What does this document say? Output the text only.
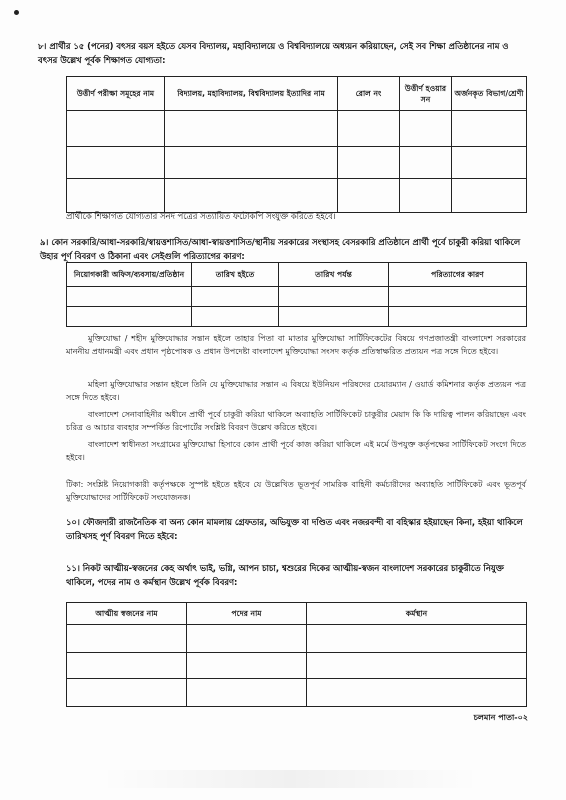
৮। প্রার্থীর ১৫ (পনের) বৎসর বয়স হইতে যেসব বিদ্যালয়, মহাবিদ্যালয়ে ও বিশ্ববিদ্যালয়ে অধ্যয়ন করিয়াছেন, সেই সব শিক্ষা প্রতিষ্ঠানের নাম ও বৎসর উল্লেখ পূর্বক শিক্ষাগত যোগ্যতা:
উত্তীর্ণ পরীক্ষা সমূহের নাম	বিদ্যালয়, মহাবিদ্যালয়, বিশ্ববিদ্যালয় ইত্যাদির নাম	রোল নং	উত্তীর্ণ হওয়ার সন	অর্জনকৃত বিভাগ/শ্রেণী

প্রার্থীকে শিক্ষাগত যোগ্যতার সনদ পত্রের সত্যায়িত ফটোকপি সংযুক্ত করিতে হইবে।
৯। কোন সরকারি/আধা-সরকারি/স্বায়ত্তশাসিত/আধা-স্বায়ত্তশাসিত/স্থানীয় সরকারের সংস্থাসহ বেসরকারি প্রতিষ্ঠানে প্রার্থী পূর্বে চাকুরী করিয়া থাকিলে উহার পূর্ণ বিবরণ ও ঠিকানা এবং সেইগুলি পরিত্যাগের কারণ:
নিয়োগকারী অফিস/ব্যবসায়/প্রতিষ্ঠান	তারিখ হইতে	তারিখ পর্যন্ত	পরিত্যাগের কারণ

মুক্তিযোদ্ধা / শহীদ মুক্তিযোদ্ধার সন্তান হইলে তাহার পিতা বা মাতার মুক্তিযোদ্ধা সার্টিফিকেটের বিষয়ে গণপ্রজাতন্ত্রী বাংলাদেশ সরকারের মাননীয় প্রধানমন্ত্রী এবং প্রধান পৃষ্ঠপোষক ও প্রধান উপদেষ্টা বাংলাদেশ মুক্তিযোদ্ধা সংসদ কর্তৃক প্রতিস্বাক্ষরিত প্রত্যয়ন পত্র সঙ্গে দিতে হইবে।
মহিলা মুক্তিযোদ্ধার সন্তান হইলে তিনি যে মুক্তিযোদ্ধার সন্তান এ বিষয়ে ইউনিয়ন পরিষদের চেয়ারম্যান / ওয়ার্ড কমিশনার কর্তৃক প্রত্যয়ন পত্র সঙ্গে দিতে হইবে।
বাংলাদেশ সেনাবাহিনীর অধীনে প্রার্থী পূর্বে চাকুরী করিয়া থাকিলে অব্যাহতি সার্টিফিকেট চাকুরীর মেয়াদ কি কি দায়িত্ব পালন করিয়াছেন এবং চরিত্র ও আচার ব্যবহার সম্পর্কিত রিপোর্টের সংশ্লিষ্ট বিবরণ উল্লেখ করিতে হইবে।
বাংলাদেশ স্বাধীনতা সংগ্রামের মুক্তিযোদ্ধা হিসাবে কোন প্রার্থী পূর্বে কাজ করিয়া থাকিলে এই মর্মে উপযুক্ত কর্তৃপক্ষের সার্টিফিকেট সংগে দিতে হইবে।
টিকা: সংশ্লিষ্ট নিয়োগকারী কর্তৃপক্ষকে সুস্পষ্ট হইতে হইবে যে উল্লেখিত ভূতপূর্ব সামরিক বাহিনী কর্মচারীদের অব্যাহতি সার্টিফিকেট এবং ভূতপূর্ব মুক্তিযোদ্ধাদের সার্টিফিকেট সংযোজনক।
১০। ফৌজদারী রাজনৈতিক বা অন্য কোন মামলায় গ্রেফতার, অভিযুক্ত বা দণ্ডিত এবং নজরবন্দী বা বহিস্কার হইয়াছেন কিনা, হইয়া থাকিলে তারিখসহ পূর্ণ বিবরণ দিতে হইবে:
১১। নিকট আত্মীয়-স্বজনের কেহ অর্থাৎ ভাই, ভগ্নি, আপন চাচা, শ্বশুরের দিকের আত্মীয়-স্বজন বাংলাদেশ সরকারের চাকুরীতে নিযুক্ত থাকিলে, পদের নাম ও কর্মস্থান উল্লেখ পূর্বক বিবরণ:
আত্মীয় স্বজনের নাম	পদের নাম	কর্মস্থান

চলমান পাতা-০২
